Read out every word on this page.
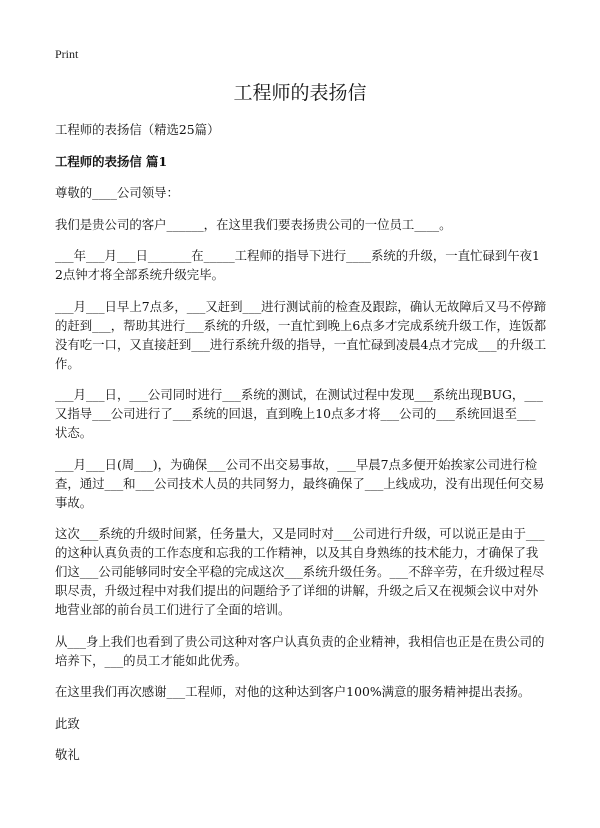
Print
工程师的表扬信

工程师的表扬信（精选25篇）

工程师的表扬信 篇1

尊敬的____公司领导：

我们是贵公司的客户______，在这里我们要表扬贵公司的一位员工____。

___年___月___日_______在_____工程师的指导下进行____系统的升级，一直忙碌到午夜12点钟才将全部系统升级完毕。

___月___日早上7点多，___又赶到___进行测试前的检查及跟踪，确认无故障后又马不停蹄的赶到___，帮助其进行___系统的升级，一直忙到晚上6点多才完成系统升级工作，连饭都没有吃一口，又直接赶到___进行系统升级的指导，一直忙碌到凌晨4点才完成___的升级工作。

___月___日，___公司同时进行___系统的测试，在测试过程中发现___系统出现BUG，___又指导___公司进行了___系统的回退，直到晚上10点多才将___公司的___系统回退至___状态。

___月___日(周___)，为确保___公司不出交易事故，___早晨7点多便开始挨家公司进行检查，通过___和___公司技术人员的共同努力，最终确保了___上线成功，没有出现任何交易事故。

这次___系统的升级时间紧，任务量大，又是同时对___公司进行升级，可以说正是由于___的这种认真负责的工作态度和忘我的工作精神，以及其自身熟练的技术能力，才确保了我们这___公司能够同时安全平稳的完成这次___系统升级任务。___不辞辛劳，在升级过程尽职尽责，升级过程中对我们提出的问题给予了详细的讲解，升级之后又在视频会议中对外地营业部的前台员工们进行了全面的培训。

从___身上我们也看到了贵公司这种对客户认真负责的企业精神，我相信也正是在贵公司的培养下，___的员工才能如此优秀。

在这里我们再次感谢___工程师，对他的这种达到客户100%满意的服务精神提出表扬。

此致

敬礼
